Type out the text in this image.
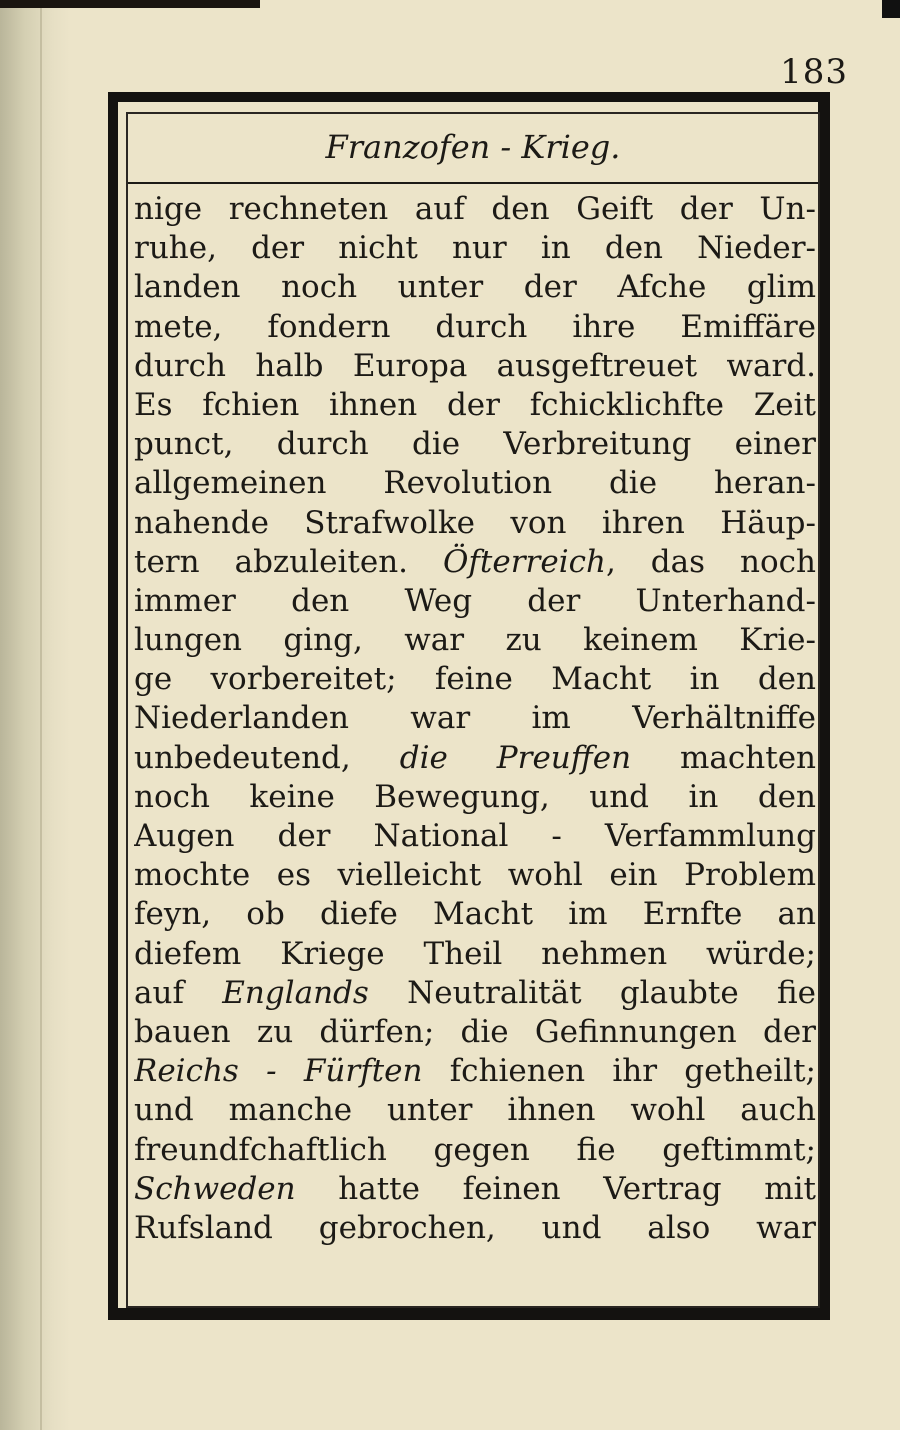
183
Franzofen - Krieg.
nige rechneten auf den Geift der Un-
ruhe, der nicht nur in den Nieder-
landen noch unter der Afche glim
mete, fondern durch ihre Emiffäre
durch halb Europa ausgeftreuet ward.
Es fchien ihnen der fchicklichfte Zeit
punct, durch die Verbreitung einer
allgemeinen Revolution die heran-
nahende Strafwolke von ihren Häup-
tern abzuleiten. Öfterreich, das noch
immer den Weg der Unterhand-
lungen ging, war zu keinem Krie-
ge vorbereitet; feine Macht in den
Niederlanden war im Verhältniffe
unbedeutend, die Preuffen machten
noch keine Bewegung, und in den
Augen der National - Verfammlung
mochte es vielleicht wohl ein Problem
feyn, ob diefe Macht im Ernfte an
diefem Kriege Theil nehmen würde;
auf Englands Neutralität glaubte fie
bauen zu dürfen; die Gefinnungen der
Reichs - Fürften fchienen ihr getheilt;
und manche unter ihnen wohl auch
freundfchaftlich gegen fie geftimmt;
Schweden hatte feinen Vertrag mit
Rufsland gebrochen, und also war
